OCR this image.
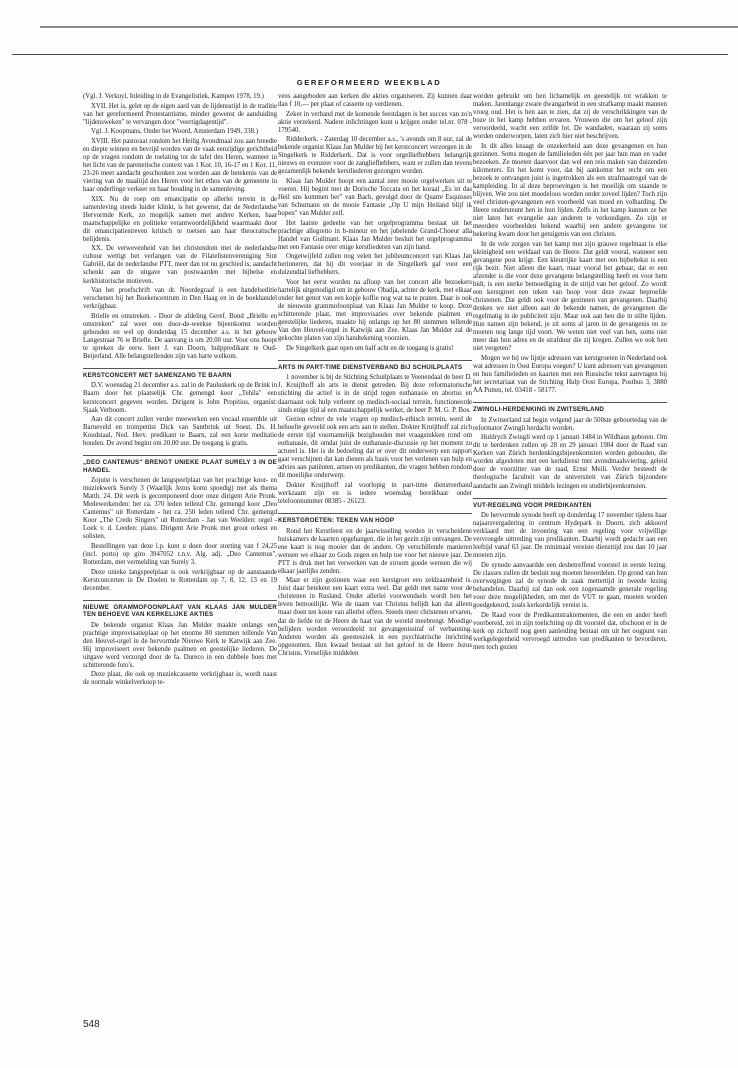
GEREFORMEERD WEEKBLAD

(Vgl. J. Verkuyl, Inleiding in de Evangelistiek, Kampen 1978, 19.)

XVII. Het is, gelet op de eigen aard van de lijdensstijd in de traditie van het gereformeerd Protestantisme, minder gewenst de aanduiding "lijdensweken" te vervangen door "veertigdagentijd".

Vgl. J. Koopmans, Onder het Woord, Amsterdam 1949, 338.)

XVIII. Het pastoraat rondom het Heilig Avondmaal zou aan breedte en diepte winnen en bevrijd worden van de vaak eenzijdige gerichtheid op de vragen rondom de toelating tot de tafel des Heren, wanneer in het licht van de parenetische context van 1 Kor. 10, 16-17 en 1 Kor. 11, 23-26 meer aandacht geschonken zou worden aan de betekenis van de viering van de maaltijd des Heren voor het ethos van de gemeente in haar onderlinge verkeer en haar houding in de samenleving.

XIX. Nu de roep om emancipatie op allerlei terrein in de samenleving steeds luider klinkt, is het gewenst, dat de Nederlandse Hervormde Kerk, zo mogelijk samen met andere Kerken, haar maatschappelijke en politieke verantwoordelijkheid waarmaakt door dit emancipatiestreven kritisch te toetsen aan haar theocratische belijdenis.

XX. De verwevenheid van het christendom met de nederlandse cultuur wettigt het verlangen van de Filatelistenvereniging Sint Gabriël, dat de nederlandse PTT, meer dan tot nu geschied is, aandacht schenkt aan de uitgave van postwaarden met bijbelse en kerkhistorische motieven.

Van het proefschrift van dr. Noordegraaf is een handelseditie verschenen bij het Boekencentrum in Den Haag en in de boekhandel verkrijgbaar.

Brielle en omstreken. - Door de afdeling Geref. Bond „Brielle en omstreken" zal weer een door-de-weekse bijeenkomst worden gehouden en wel op donderdag 15 december a.s. in het gebouw Langestraat 76 te Brielle. De aanvang is om 20.00 uur. Voor ons hoopt te spreken de eerw. heer J. van Doorn, hulppredikant te Oud-Beijerland. Alle belangstellenden zijn van harte welkom.

KERSTCONCERT MET SAMENZANG TE BAARN

D.V. woensdag 21 december a.s. zal in de Pauluskerk op de Brink in Baarn door het plaatselijk Chr. gemengd koor „Tehila" een kerstconcert gegeven worden. Dirigent is John Propitius, organist: Sjaak Verboom.

Aan dit concert zullen verder meewerken een vocaal ensemble uit Barneveld en trompettist Dick van Santbrink uit Soest. Ds. H. Koudstaal, Ned. Herv. predikant te Baarn, zal een korte meditatie houden. De avond begint om 20.00 uur. De toegang is gratis.

„DEO CANTEMUS" BRENGT UNIEKE PLAAT SURELY 3 IN DE HANDEL

Zojuist is verschenen de langspeelplaat van het prachtige koor- en muziekwerk Surely 3 (Waarlijk Jezus komt spoedig) met als thema Matth. 24. Dit werk is gecomponeerd door onze dirigent Arie Pronk. Medewerkenden: het ca. 370 leden tellend Chr. gemengd koor „Deo Cantemus" uit Rotterdam - het ca. 250 leden tellend Chr. gemengd Koor „The Credo Singers" uit Rotterdam - Jan van Weelden: orgel - Loek v. d. Leeden: piano. Dirigent Arie Pronk met groot orkest en solisten.

Bestellingen van deze l.p. kunt u doen door storting van f 24,25 (incl. porto) op giro 3947052 t.n.v. Alg. adj. „Deo Cantemus", Rotterdam, met vermelding van Surely 3.

Deze unieke langspeelplaat is ook verkrijgbaar op de aanstaande Kerstconcerten in De Doelen te Rotterdam op 7, 8, 12, 13 en 19 december.

NIEUWE GRAMMOFOONPLAAT VAN KLAAS JAN MULDER TEN BEHOEVE VAN KERKELIJKE AKTIES

De bekende organist Klaas Jan Mulder maakte onlangs een prachtige improvisatieplaat op het enorme 80 stemmen tellende Van den Heuvel-orgel in de hervormde Nieuwe Kerk te Katwijk aan Zee. Hij improviseert over bekende psalmen en geestelijke liederen. De uitgave werd verzorgd door de fa. Dureco in een dubbele hoes met schitterende foto's.

Deze plaat, die ook op muziekcassette verkrijgbaar is, wordt naast de normale winkelverkoop te-

vens aangeboden aan kerken die akties organiseren. Zij kunnen daar dan f 10,— per plaat of cassette op verdienen.

Zeker in verband met de komende feestdagen is het succes van zo'n aktie verzekerd. Nadere inlichtingen kunt u krijgen onder tel.nr. 078 - 179540.

Ridderkerk. - Zaterdag 10 december a.s., 's avonds om 8 uur, zal de bekende organist Klaas Jan Mulder bij het kerstconcert verzorgen in de Singelkerk te Ridderkerk. Dat is voor orgelliefhebbers belangrijk nieuws en evenzeer voor de zangliefhebbers, want er zullen dan tevens gezamenlijk bekende kerstliederen gezongen worden.

Klaas Jan Mulder hoopt een aantal zeer mooie orgelwerken uit te voeren. Hij begint met de Dorische Toccata en het koraal „Es ist das Heil uns kommen her" van Bach, gevolgd door de Quatre Esquisses van Schumann en de mooie Fantasie „Op U mijn Heiland blijf ik hopen" van Mulder zelf.

Het laatste gedeelte van het orgelprogramma bestaat uit het prachtige allegretto in b-mineur en het jubelende Grand-Choeur alla Handel van Guilmant. Klaas Jan Mulder besluit het orgelprogramma met een Fantasie over enige kerstliederen van zijn hand.

Ongetwijfeld zullen nog velen het jubileumconcert van Klaas Jan herinneren, dat hij dit voorjaar in de Singelkerk gaf voor een duizendtal liefhebbers.

Voor het eerst worden na afloop van het concert alle bezoekers hartelijk uitgenodigd om in gebouw Obadja, achter de kerk, met elkaar onder het genot van een kopje koffie nog wat na te praten. Daar is ook de nieuwste grammofoonplaat van Klaas Jan Mulder te koop. Deze schitterende plaat, met improvisaties over bekende psalmen en geestelijke liederen, maakte hij onlangs op het 80 stemmen tellende Van den Heuvel-orgel in Katwijk aan Zee. Klaas Jan Mulder zal de gekochte platen van zijn handtekening voorzien.

De Singelkerk gaat open om half acht en de toegang is gratis!

ARTS IN PART-TIME DIENSTVERBAND BIJ SCHUILPLAATS

1 november is bij de Stichting Schuilplaats te Veenendaal de heer D. J. Kruijthoff als arts in dienst getreden. Bij deze reformatorische stichting die actief is in de strijd tegen euthanasie en abortus en daarnaast ook hulp verleent op medisch-sociaal terrein, functioneerde sinds enige tijd al een maatschappelijk werker, de heer P. M. G. P. Bos.

Gezien echter de vele vragen op medisch-ethisch terrein, werd de behoefte gevoeld ook een arts aan te stellen. Dokter Kruijthoff zal zich de eerste tijd voornamelijk bezighouden met vraagstukken rond om euthanasie, dit omdat juist de euthanasie-discussie op het moment zo actueel is. Het is de bedoeling dat er over dit onderwerp een rapport gaat verschijnen dat kan dienen als basis voor het verlenen van hulp en advies aan patiënten, artsen en predikanten, die vragen hebben rondom dit moeilijke onderwerp.

Dokter Kruijthoff zal voorlopig in part-time dienstverband werkzaam zijn en is iedere woensdag bereikbaar onder telefoonnummer 08385 - 26123.

KERSTGROETEN: TEKEN VAN HOOP

Rond het Kerstfeest en de jaarwisseling worden in verscheidene huiskamers de kaarten opgehangen, die in het gezin zijn ontvangen. De ene kaart is nog mooier dan de andere. Op verschillende manieren wensen we elkaar zo Gods zegen en hulp toe voor het nieuwe jaar. De PTT is druk met het verwerken van de stroom goede wensen die wij elkaar jaarlijks zenden.

Maar er zijn gezinnen waar een kerstgroet een zeldzaamheid is. Juist daar betekent een kaart extra veel. Dat geldt met name voor de christenen in Rusland. Onder allerlei voorwendsels wordt hen het leven bemoeilijkt. Wie de naam van Christus belijdt kan dat alleen maar doen ten koste van allerlei offers. Steeds meer christenen ervaren, dat de liefde tot de Heere de haat van de wereld meebrengt. Moedige belijders worden veroordeeld tot gevangenisstraf of verbanning. Anderen worden als geestesziek in een psychiatrische inrichting opgenomen. Hun kwaad bestaat uit het geloof in de Heere Jezus Christus. Vreselijke middelen

worden gebruikt om hen lichamelijk en geestelijk tot wrakken te maken. Jarenlange zware dwangarbeid in een strafkamp maakt mannen vroeg oud. Het is hen aan te zien, dat zij de verschrikkingen van de boze in het kamp hebben ervaren. Vrouwen die om het geloof zijn veroordeeld, wacht een zelfde lot. De wandaden, waaraan zij soms worden onderworpen, laten zich hier niet beschrijven.

In dit alles knaagt de onzekerheid aan deze gevangenen en hun gezinnen. Soms mogen de familieleden één per jaar hun man en vader bezoeken. Ze moeten daarvoor dan wel een reis maken van duizenden kilometers. En het komt voor, dat bij aankomst het recht om een bezoek te ontvangen juist is ingetrokken als een strafmaatregel van de kampleiding. In al deze beproevingen is het moeilijk om staande te blijven. Wie zou niet moedeloos worden onder zoveel lijden? Toch zijn veel christen-gevangenen een voorbeeld van moed en volharding. De Heere ondersteunt hen in hun lijden. Zelfs in het kamp kunnen ze het niet laten het evangelie aan anderen te verkondigen. Zo zijn er meerdere voorbeelden bekend waarbij een andere gevangene tot bekering kwam door het getuigenis van een christen.

In de vele zorgen van het kamp met zijn grauwe regelmaat is elke kleinigheid een weldaad van de Heere. Dat geldt vooral, wanneer een gevangene post krijgt. Een kleurrijke kaart met een bijbeltekst is een rijk bezit. Niet alleen die kaart, maar vooral het gebaar, dat er een afzender is die voor deze gevangene belangstelling heeft en voor hem bidt, is een sterke bemoediging in de strijd van het geloof. Zo wordt een kerstgroet een teken van hoop voor deze zwaar beproefde christenen. Dat geldt ook voor de gezinnen van gevangenen. Daarbij denken we niet alleen aan de bekende namen, de gevangenen die regelmatig in de publiciteit zijn. Maar ook aan hen die in stilte lijden. Hun namen zijn bekend, je zit soms al jaren in de gevangenis en ze moeten nog lange tijd voort. We weten niet veel van hen, soms niet meer dan hun adres en de strafduur die zij kregen. Zullen we ook hen niet vergeten?

Mogen we bij uw lijstje adressen van kerstgroeten in Nederland ook wat adressen in Oost Europa voegen? U kunt adressen van gevangenen en hun familieleden en kaarten met een Russische tekst aanvragen bij het secretariaat van de Stichting Hulp Oost Europa, Postbus 3, 3880 AA Putten, tel. 03418 - 58177.

ZWINGLI-HERDENKING IN ZWITSERLAND

In Zwitserland zal begin volgend jaar de 500ste geboortedag van de reformator Zwingli herdacht worden.

Huldrych Zwingli werd op 1 januari 1484 in Wildhaus geboren. Om dit te herdenken zullen op 28 en 29 januari 1984 door de Raad van Kerken van Zürich herdenkingsbijeenkomsten worden gehouden, die worden afgesloten met een kerkdienst met avondmaalsviering, geleid door de voorzitter van de raad, Ernst Meili. Verder besteedt de theologische faculteit van de universiteit van Zürich bijzondere aandacht aan Zwingli middels lezingen en studiebijeenkomsten.

VUT-REGELING VOOR PREDIKANTEN

De hervormde synode heeft op donderdag 17 november tijdens haar najaarsvergadering in centrum Hydepark in Doorn, zich akkoord verklaard met de invoering van een regeling voor vrijwillige vervroegde uittreding van predikanten. Daarbij wordt gedacht aan een leeftijd vanaf 63 jaar. De minimaal vereiste diensttijd zou dan 10 jaar moeten zijn.

De synode aanvaardde een desbetreffend voorstel in eerste lezing. De classes zullen dit besluit nog moeten beoordelen. Op grond van hun overwegingen zal de synode de zaak mettertijd in tweede lezing behandelen. Daarbij zal dan ook een zogenaamde generale regeling voor deze mogelijkheden, om met de VUT te gaan, moeten worden goedgekeurd, zoals kerkordelijk vereist is.

De Raad voor de Predikantstraktementen, die een en ander heeft voorbereid, zei in zijn toelichting op dit voorstel dat, ofschoon er in de kerk op zichzelf nog geen aanleiding bestaat om uit het oogpunt van werkgelegenheid vervroegd uittreden van predikanten te bevorderen, men toch gezien

548
